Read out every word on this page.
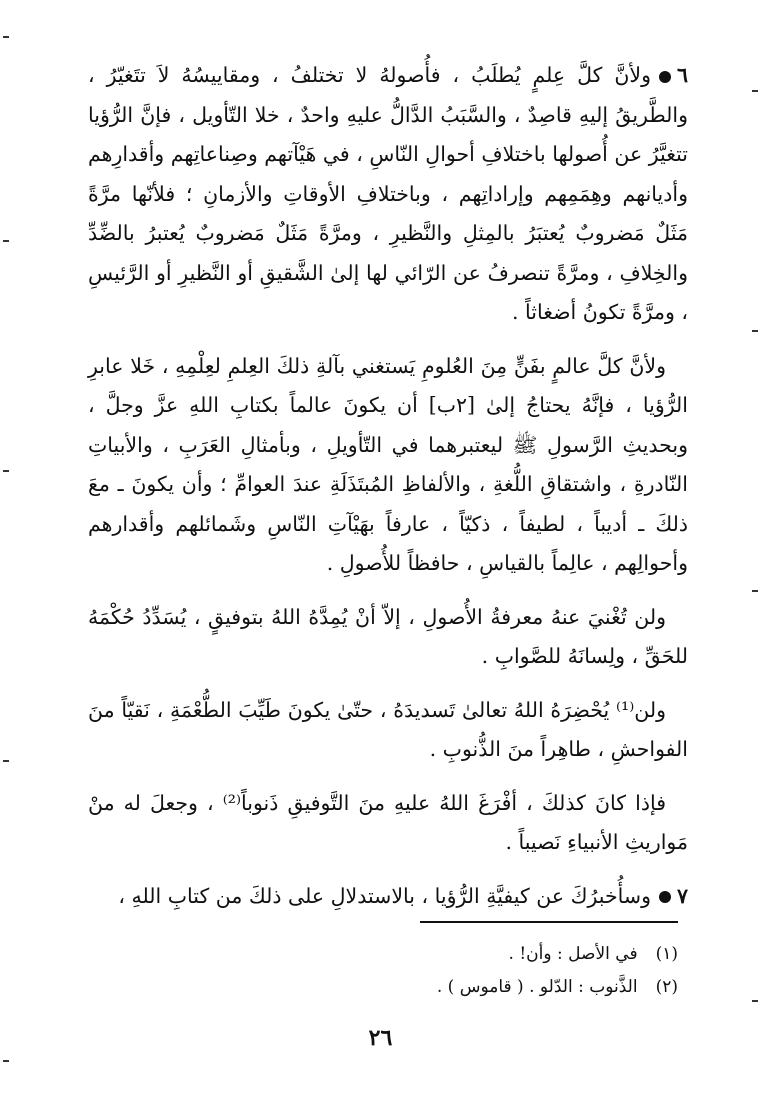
٦ولأنَّ كلَّ عِلمٍ يُطلَبُ ، فأُصولهُ لا تختلفُ ، ومقاييسُهُ لاَ تتَغيّرُ ، والطَّريقُ إليهِ قاصِدٌ ، والسَّبَبُ الدَّالُّ عليهِ واحدٌ ، خلا التّأويل ، فإنَّ الرُّؤيا تتغيَّرُ عن أُصولها باختلافِ أحوالِ النّاسِ ، في هَيْآتهم وصِناعاتِهم وأقدارِهم وأديانهم وهِمَمِهم وإراداتِهم ، وباختلافِ الأوقاتِ والأزمانِ ؛ فلأنّها مرَّةً مَثَلٌ مَضروبٌ يُعتبَرُ بالمِثلِ والنَّظيرِ ، ومرَّةً مَثَلٌ مَضروبٌ يُعتبرُ بالضِّدِّ والخِلافِ ، ومرَّةً تنصرفُ عن الرّائي لها إلىٰ الشَّقيقِ أو النَّظيرِ أو الرَّئيسِ ، ومرَّةً تكونُ أضغاثاً .

ولأنَّ كلَّ عالمٍ بفَنٍّ مِنَ العُلومِ يَستغني بآلةِ ذلكَ العِلمِ لعِلْمِهِ ، خَلا عابرِ الرُّؤيا ، فإنَّهُ يحتاجُ إلىٰ [٢ب] أن يكونَ عالماً بكتابِ اللهِ عزَّ وجلَّ ، وبحديثِ الرَّسولِ ﷺ ليعتبرهما في التّأويلِ ، وبأمثالِ العَرَبِ ، والأبياتِ النّادرةِ ، واشتقاقِ اللُّغةِ ، والألفاظِ المُبتَذَلَةِ عندَ العوامِّ ؛ وأن يكونَ ـ معَ ذلكَ ـ أديباً ، لطيفاً ، ذكيّاً ، عارفاً بهَيْآتِ النّاسِ وشَمائلهم وأقدارهم وأحوالِهم ، عالِماً بالقياسِ ، حافظاً للأُصولِ .

ولن تُغْنيَ عنهُ معرفةُ الأُصولِ ، إلاّ أنْ يُمِدَّهُ اللهُ بتوفيقٍ ، يُسَدِّدُ حُكْمَهُ للحَقِّ ، ولِسانَهُ للصَّوابِ .

ولن⁽¹⁾ يُحْضِرَهُ اللهُ تعالىٰ تَسديدَهُ ، حتّىٰ يكونَ طَيِّبَ الطُّعْمَةِ ، نَقيّاً منَ الفواحشِ ، طاهِراً منَ الذُّنوبِ .

فإذا كانَ كذلكَ ، أفْرَغَ اللهُ عليهِ منَ التَّوفيقِ ذَنوباً⁽²⁾ ، وجعلَ له منْ مَواريثِ الأنبياءِ نَصيباً .

٧وسأُخبرُكَ عن كيفيَّةِ الرُّؤيا ، بالاستدلالِ على ذلكَ من كتابِ اللهِ ،

(١)في الأصل : وأن! .
(٢)الذَّنوب : الدّلو . ( قاموس ) .
٢٦
